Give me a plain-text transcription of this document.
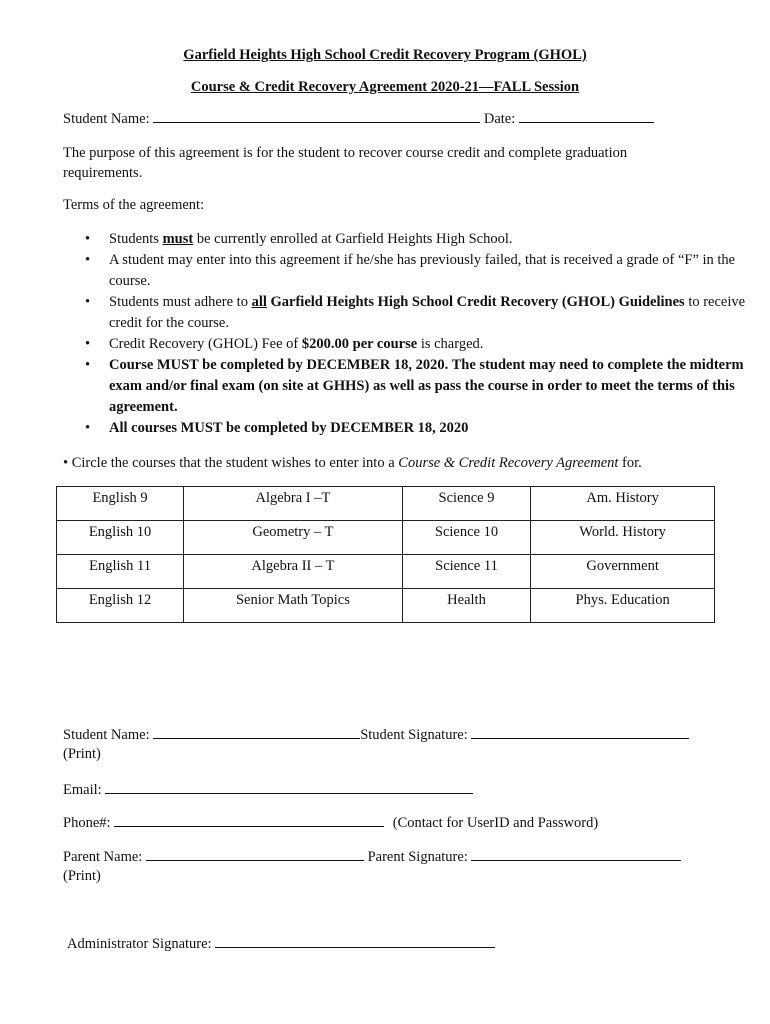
Garfield Heights High School Credit Recovery Program (GHOL)
Course & Credit Recovery Agreement 2020-21—FALL Session
Student Name:	Date:
The purpose of this agreement is for the student to recover course credit and complete graduation requirements.
Terms of the agreement:
• Students must be currently enrolled at Garfield Heights High School.
• A student may enter into this agreement if he/she has previously failed, that is received a grade of “F” in the course.
• Students must adhere to all Garfield Heights High School Credit Recovery (GHOL) Guidelines to receive credit for the course.
• Credit Recovery (GHOL) Fee of $200.00 per course is charged.
• Course MUST be completed by DECEMBER 18, 2020. The student may need to complete the midterm exam and/or final exam (on site at GHHS) as well as pass the course in order to meet the terms of this agreement.
• All courses MUST be completed by DECEMBER 18, 2020
• Circle the courses that the student wishes to enter into a Course & Credit Recovery Agreement for.
English 9	Algebra I –T	Science 9	Am. History
English 10	Geometry – T	Science 10	World. History
English 11	Algebra II – T	Science 11	Government
English 12	Senior Math Topics	Health	Phys. Education
Student Name:	Student Signature:
(Print)
Email:
Phone#:	(Contact for UserID and Password)
Parent Name:	Parent Signature:
(Print)
Administrator Signature:
